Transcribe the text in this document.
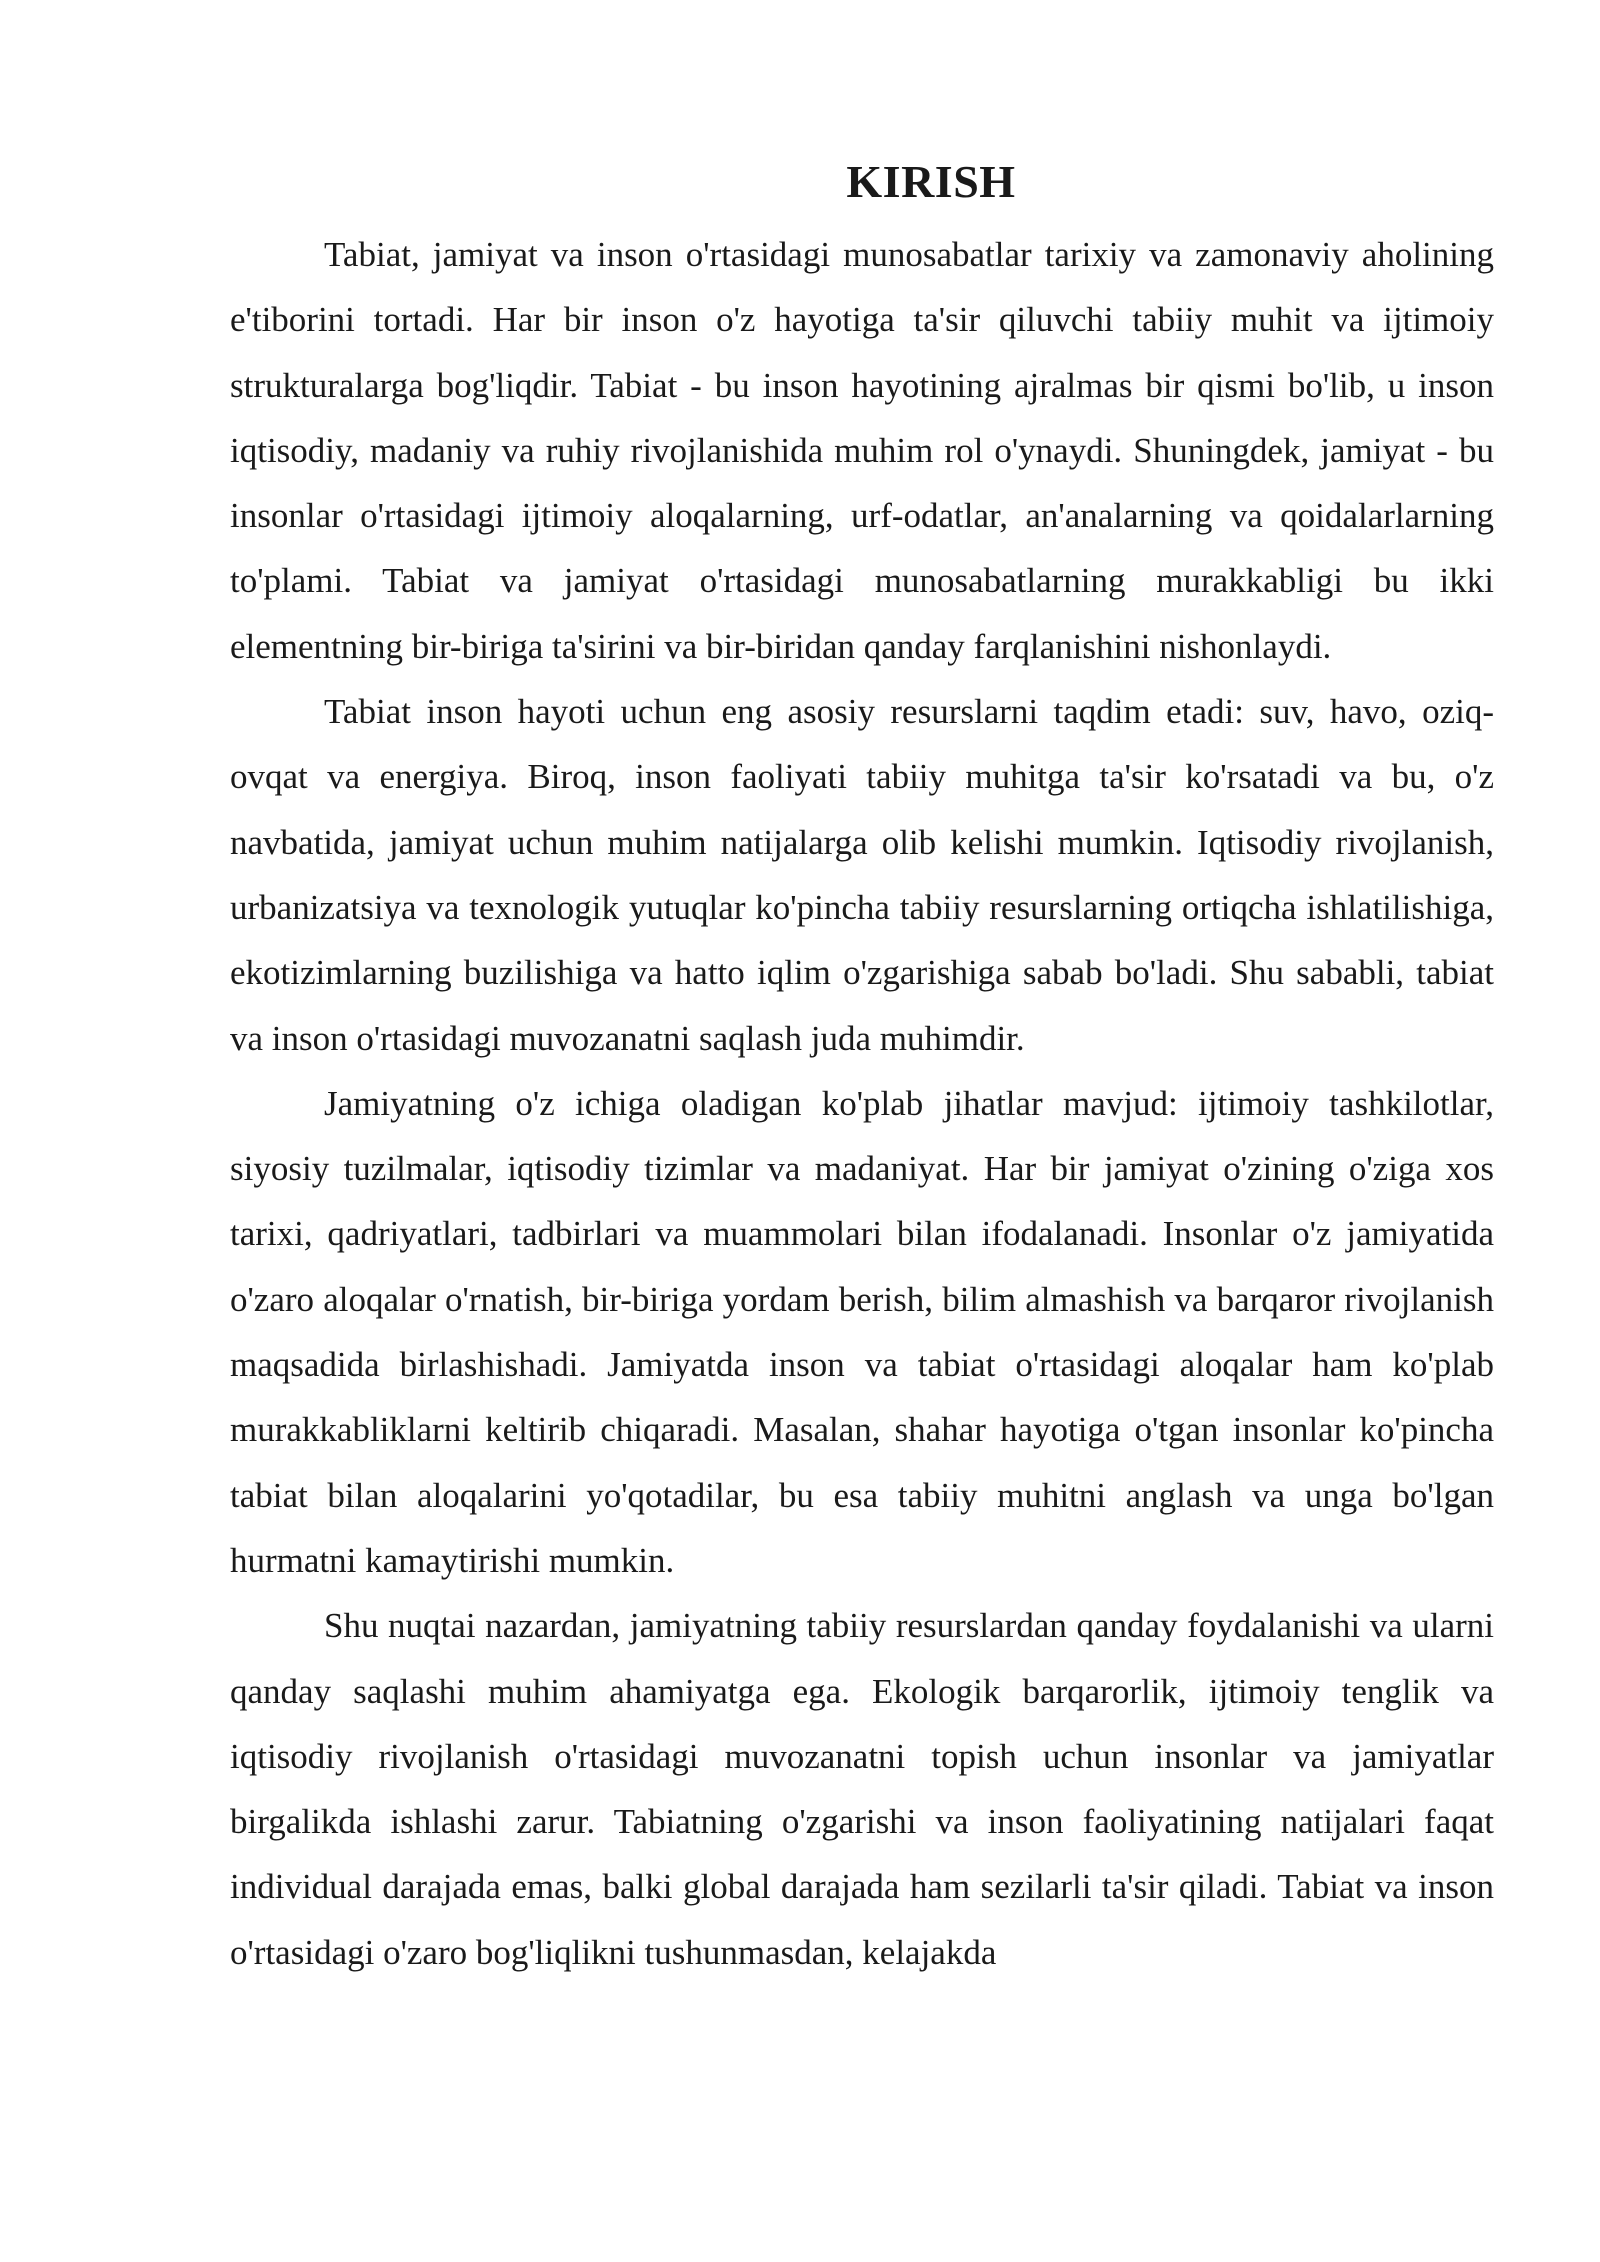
KIRISH

Tabiat, jamiyat va inson o'rtasidagi munosabatlar tarixiy va zamonaviy aholining e'tiborini tortadi. Har bir inson o'z hayotiga ta'sir qiluvchi tabiiy muhit va ijtimoiy strukturalarga bog'liqdir. Tabiat - bu inson hayotining ajralmas bir qismi bo'lib, u inson iqtisodiy, madaniy va ruhiy rivojlanishida muhim rol o'ynaydi. Shuningdek, jamiyat - bu insonlar o'rtasidagi ijtimoiy aloqalarning, urf-odatlar, an'analarning va qoidalarlarning to'plami. Tabiat va jamiyat o'rtasidagi munosabatlarning murakkabligi bu ikki elementning bir-biriga ta'sirini va bir-biridan qanday farqlanishini nishonlaydi.

Tabiat inson hayoti uchun eng asosiy resurslarni taqdim etadi: suv, havo, oziq-ovqat va energiya. Biroq, inson faoliyati tabiiy muhitga ta'sir ko'rsatadi va bu, o'z navbatida, jamiyat uchun muhim natijalarga olib kelishi mumkin. Iqtisodiy rivojlanish, urbanizatsiya va texnologik yutuqlar ko'pincha tabiiy resurslarning ortiqcha ishlatilishiga, ekotizimlarning buzilishiga va hatto iqlim o'zgarishiga sabab bo'ladi. Shu sababli, tabiat va inson o'rtasidagi muvozanatni saqlash juda muhimdir.

Jamiyatning o'z ichiga oladigan ko'plab jihatlar mavjud: ijtimoiy tashkilotlar, siyosiy tuzilmalar, iqtisodiy tizimlar va madaniyat. Har bir jamiyat o'zining o'ziga xos tarixi, qadriyatlari, tadbirlari va muammolari bilan ifodalanadi. Insonlar o'z jamiyatida o'zaro aloqalar o'rnatish, bir-biriga yordam berish, bilim almashish va barqaror rivojlanish maqsadida birlashishadi. Jamiyatda inson va tabiat o'rtasidagi aloqalar ham ko'plab murakkabliklarni keltirib chiqaradi. Masalan, shahar hayotiga o'tgan insonlar ko'pincha tabiat bilan aloqalarini yo'qotadilar, bu esa tabiiy muhitni anglash va unga bo'lgan hurmatni kamaytirishi mumkin.

Shu nuqtai nazardan, jamiyatning tabiiy resurslardan qanday foydalanishi va ularni qanday saqlashi muhim ahamiyatga ega. Ekologik barqarorlik, ijtimoiy tenglik va iqtisodiy rivojlanish o'rtasidagi muvozanatni topish uchun insonlar va jamiyatlar birgalikda ishlashi zarur. Tabiatning o'zgarishi va inson faoliyatining natijalari faqat individual darajada emas, balki global darajada ham sezilarli ta'sir qiladi. Tabiat va inson o'rtasidagi o'zaro bog'liqlikni tushunmasdan, kelajakda
